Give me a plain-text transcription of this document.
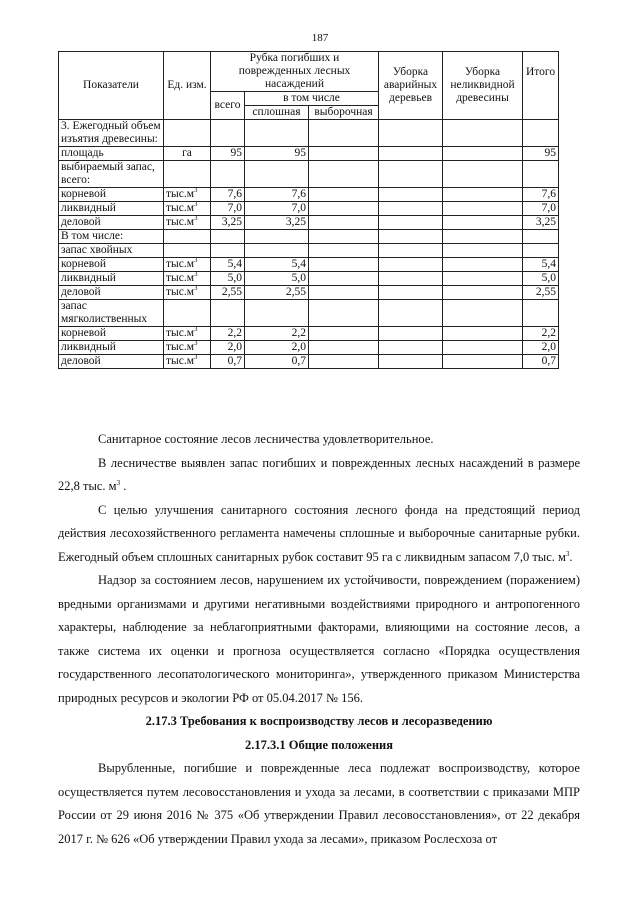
187
Показатели	Ед. изм.	Рубка погибших и поврежденных лесных насаждений			Уборка аварийных деревьев	Уборка неликвидной древесины	Итого
		всего	в том числе				
			сплошная	выборочная			
3. Ежегодный объем изъятия древесины:							
площадь	га	95	95				95
выбираемый запас, всего:							
корневой	$тыс.м^3$	7,6	7,6				7,6
ликвидный	$тыс.м^3$	7,0	7,0				7,0
деловой	$тыс.м^3$	3,25	3,25				3,25
В том числе:							
запас хвойных							
корневой	$тыс.м^3$	5,4	5,4				5,4
ликвидный	$тыс.м^3$	5,0	5,0				5,0
деловой	$тыс.м^3$	2,55	2,55				2,55
запас мягколиственных							
корневой	$тыс.м^3$	2,2	2,2				2,2
ликвидный	$тыс.м^3$	2,0	2,0				2,0
деловой	$тыс.м^3$	0,7	0,7				0,7

Санитарное состояние лесов лесничества удовлетворительное.

В лесничестве выявлен запас погибших и поврежденных лесных насаждений в размере 22,8 тыс. $м^3$ .

С целью улучшения санитарного состояния лесного фонда на предстоящий период действия лесохозяйственного регламента намечены сплошные и выборочные санитарные рубки. Ежегодный объем сплошных санитарных рубок составит 95 га с ликвидным запасом 7,0 тыс. $м^3$.

Надзор за состоянием лесов, нарушением их устойчивости, повреждением (поражением) вредными организмами и другими негативными воздействиями природного и антропогенного характеры, наблюдение за неблагоприятными факторами, влияющими на состояние лесов, а также система их оценки и прогноза осуществляется согласно «Порядка осуществления государственного лесопатологического мониторинга», утвержденного приказом Министерства природных ресурсов и экологии РФ от 05.04.2017 № 156.

2.17.3 Требования к воспроизводству лесов и лесоразведению

2.17.3.1 Общие положения

Вырубленные, погибшие и поврежденные леса подлежат воспроизводству, которое осуществляется путем лесовосстановления и ухода за лесами, в соответствии с приказами МПР России от 29 июня 2016 № 375 «Об утверждении Правил лесовосстановления», от 22 декабря 2017 г. № 626 «Об утверждении Правил ухода за лесами», приказом Рослесхоза от
